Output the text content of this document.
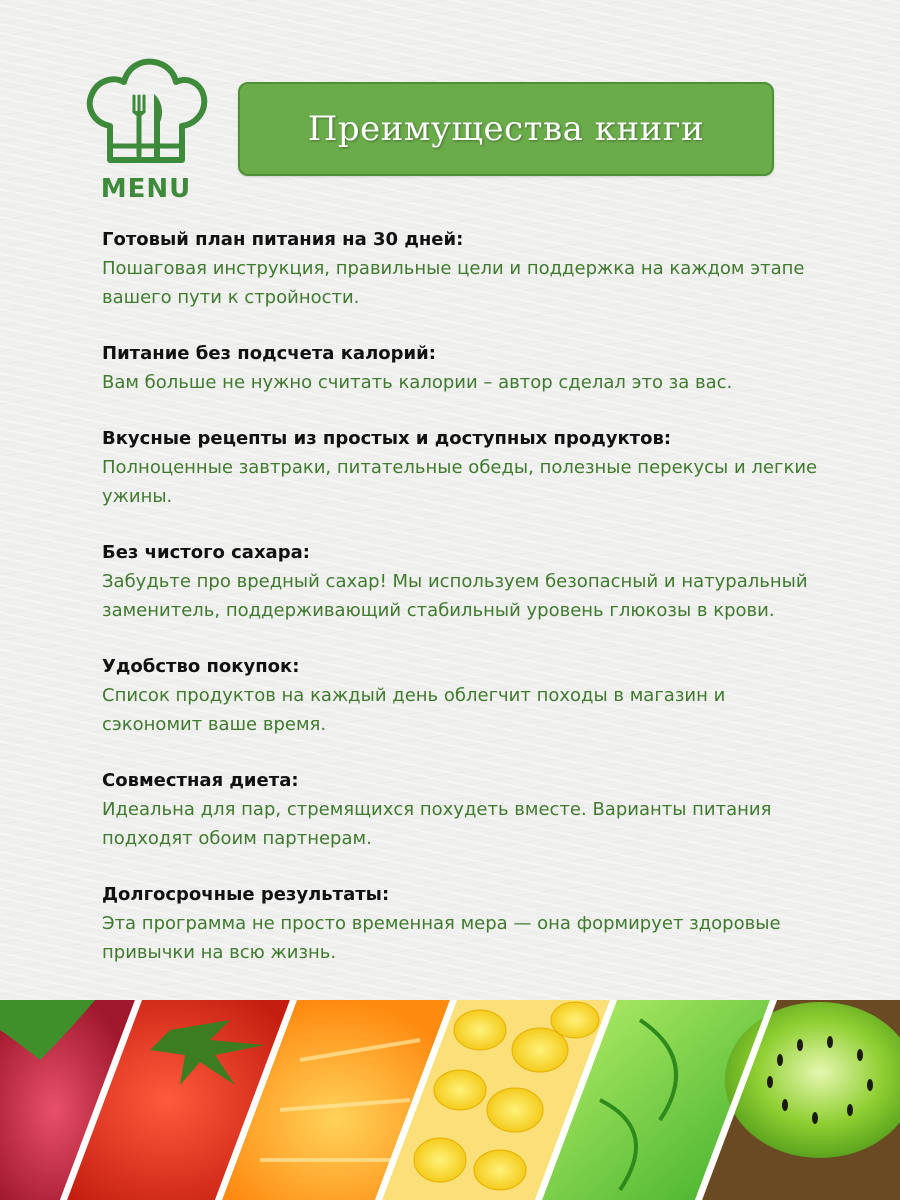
MENU
Преимущества книги
Готовый план питания на 30 дней:
Пошаговая инструкция, правильные цели и поддержка на каждом этапе вашего пути к стройности.
Питание без подсчета калорий:
Вам больше не нужно считать калории – автор сделал это за вас.
Вкусные рецепты из простых и доступных продуктов:
Полноценные завтраки, питательные обеды, полезные перекусы и легкие ужины.
Без чистого сахара:
Забудьте про вредный сахар! Мы используем безопасный и натуральный заменитель, поддерживающий стабильный уровень глюкозы в крови.
Удобство покупок:
Список продуктов на каждый день облегчит походы в магазин и сэкономит ваше время.
Совместная диета:
Идеальна для пар, стремящихся похудеть вместе. Варианты питания подходят обоим партнерам.
Долгосрочные результаты:
Эта программа не просто временная мера — она формирует здоровые привычки на всю жизнь.
